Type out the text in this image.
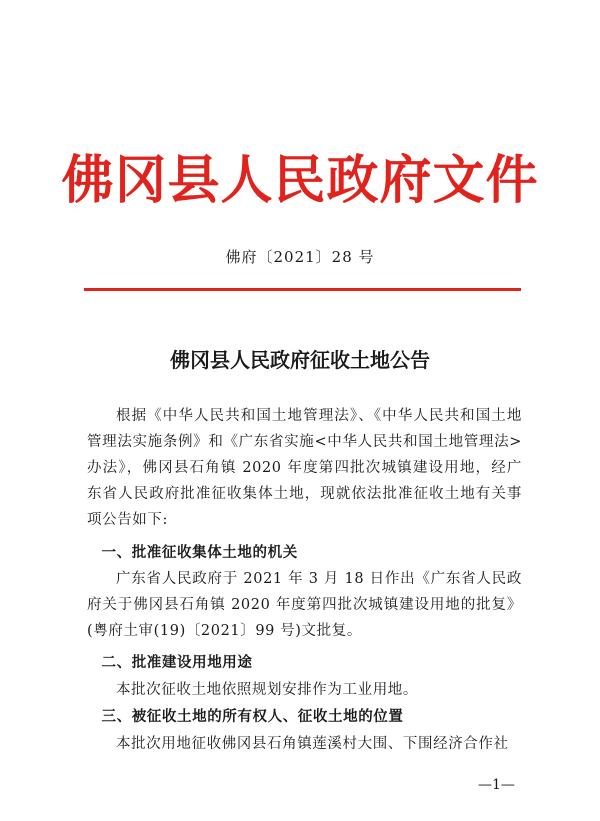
佛冈县人民政府文件
佛府〔2021〕28 号
佛冈县人民政府征收土地公告
根据《中华人民共和国土地管理法》、《中华人民共和国土地管理法实施条例》和《广东省实施<中华人民共和国土地管理法>办法》，佛冈县石角镇 2020 年度第四批次城镇建设用地，经广东省人民政府批准征收集体土地，现就依法批准征收土地有关事项公告如下:
一、批准征收集体土地的机关
广东省人民政府于 2021 年 3 月 18 日作出《广东省人民政府关于佛冈县石角镇 2020 年度第四批次城镇建设用地的批复》(粤府土审(19)〔2021〕99 号)文批复。
二、批准建设用地用途
本批次征收土地依照规划安排作为工业用地。
三、被征收土地的所有权人、征收土地的位置
本批次用地征收佛冈县石角镇莲溪村大围、下围经济合作社
—1—
